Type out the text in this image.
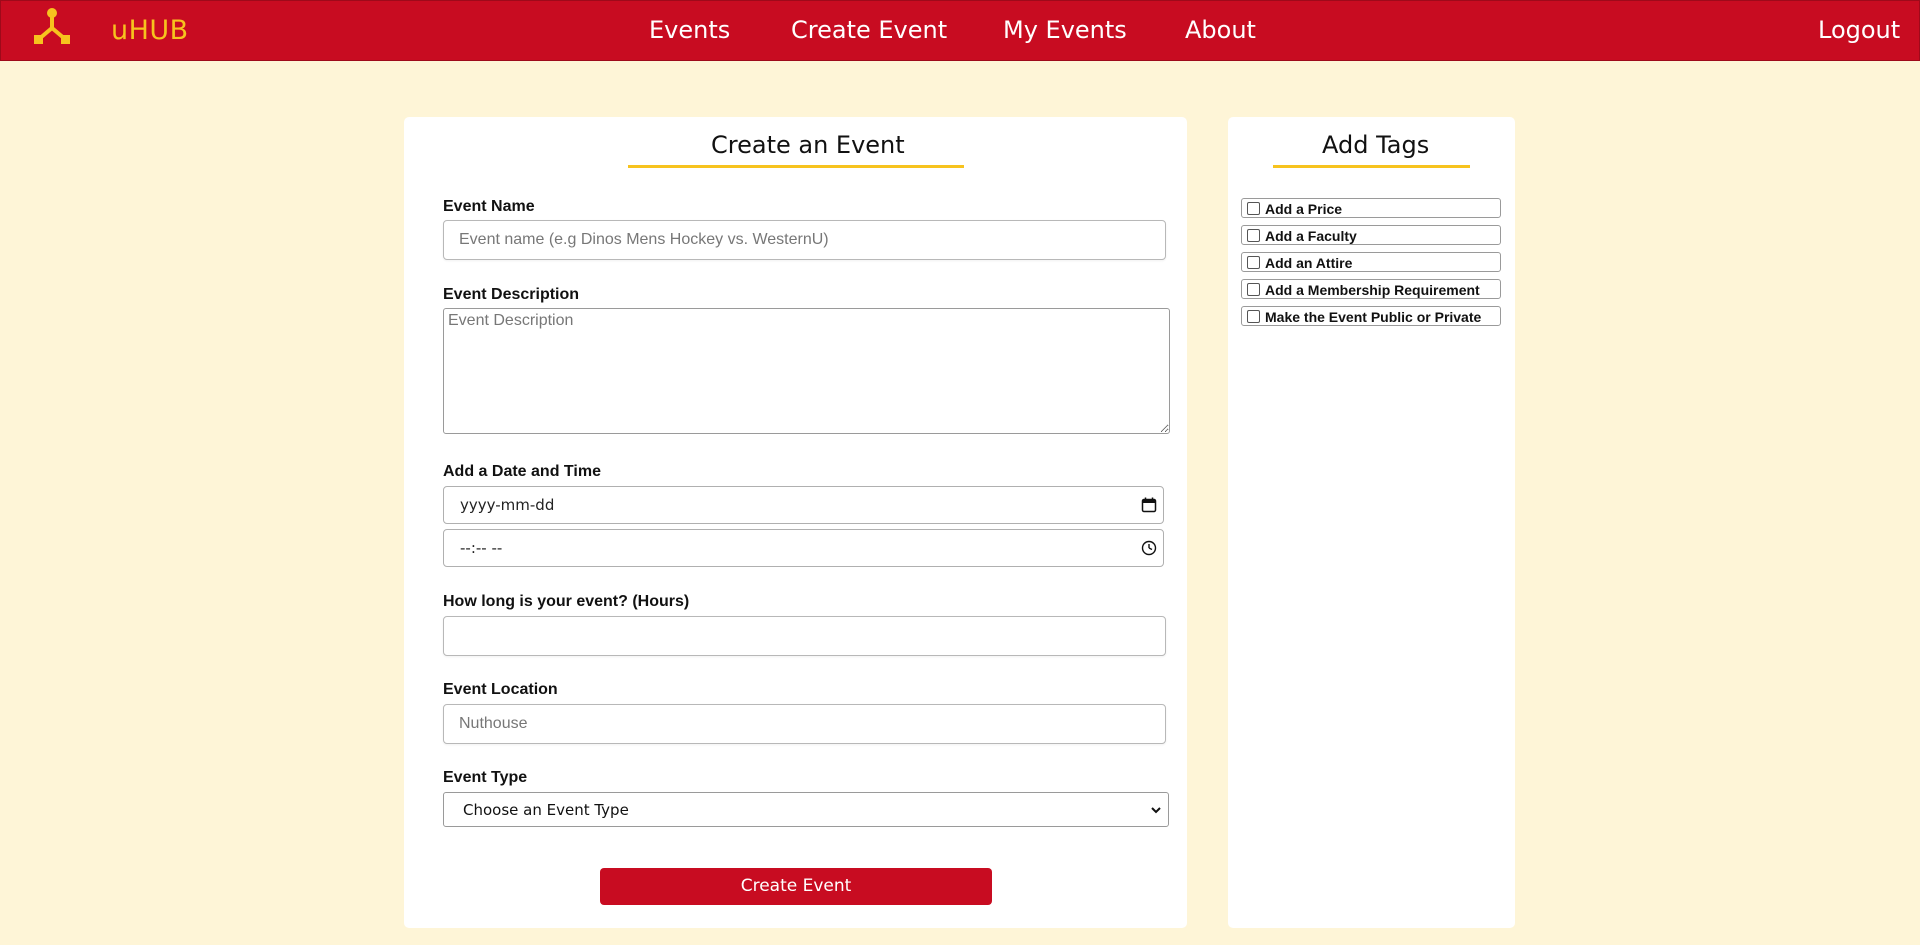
uHUB	Events	Create Event My Events About	Logout
Create an Event
Event Name
Event name (e.g Dinos Mens Hockey vs. WesternU)
Event Description
Event Description
Add a Date and Time
yyyy-mm-dd
--:-- --
How long is your event? (Hours)
Event Location
Nuthouse
Event Type
Choose an Event Type
Create Event
Add Tags
Add a Price
Add a Faculty
Add an Attire
Add a Membership Requirement
Make the Event Public or Private
